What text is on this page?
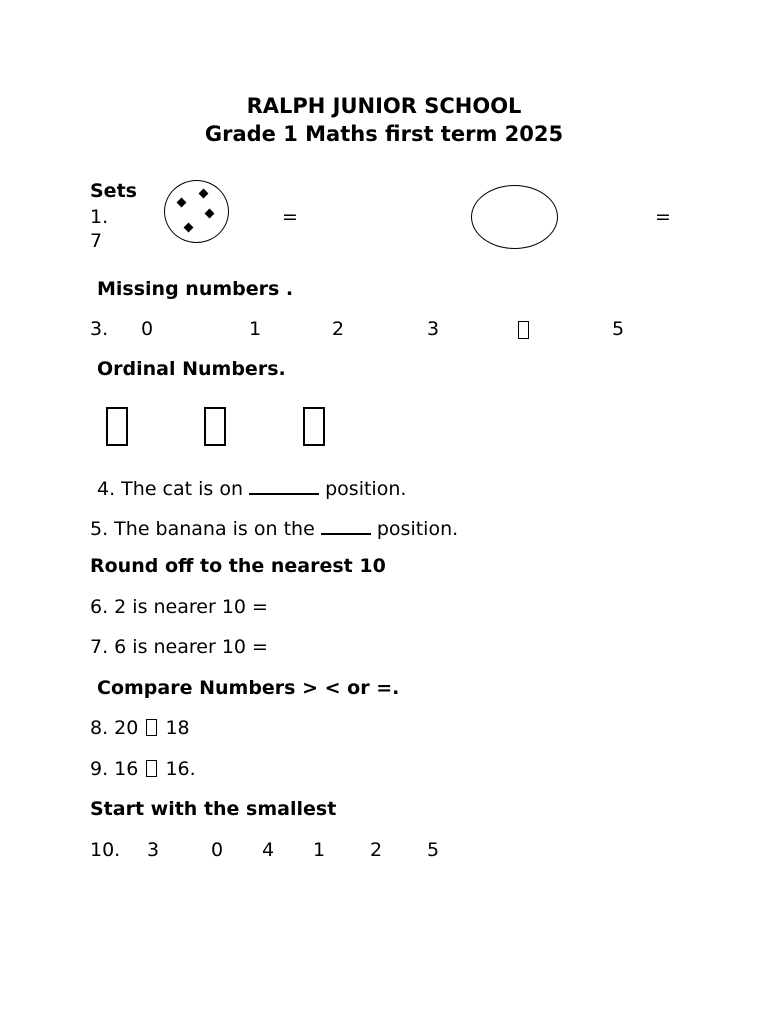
RALPH JUNIOR SCHOOL
Grade 1 Maths first term 2025
Sets
1.
7
=	=
Missing numbers .
3. 0	1	2	3	5
Ordinal Numbers.
4. The cat is on	position.
5. The banana is on the	position.
Round off to the nearest 10
6. 2 is nearer 10 =
7. 6 is nearer 10 =
Compare Numbers > < or =.
8. 20 18
9. 16 16.
Start with the smallest
10. 3	0 4 1 2 5
